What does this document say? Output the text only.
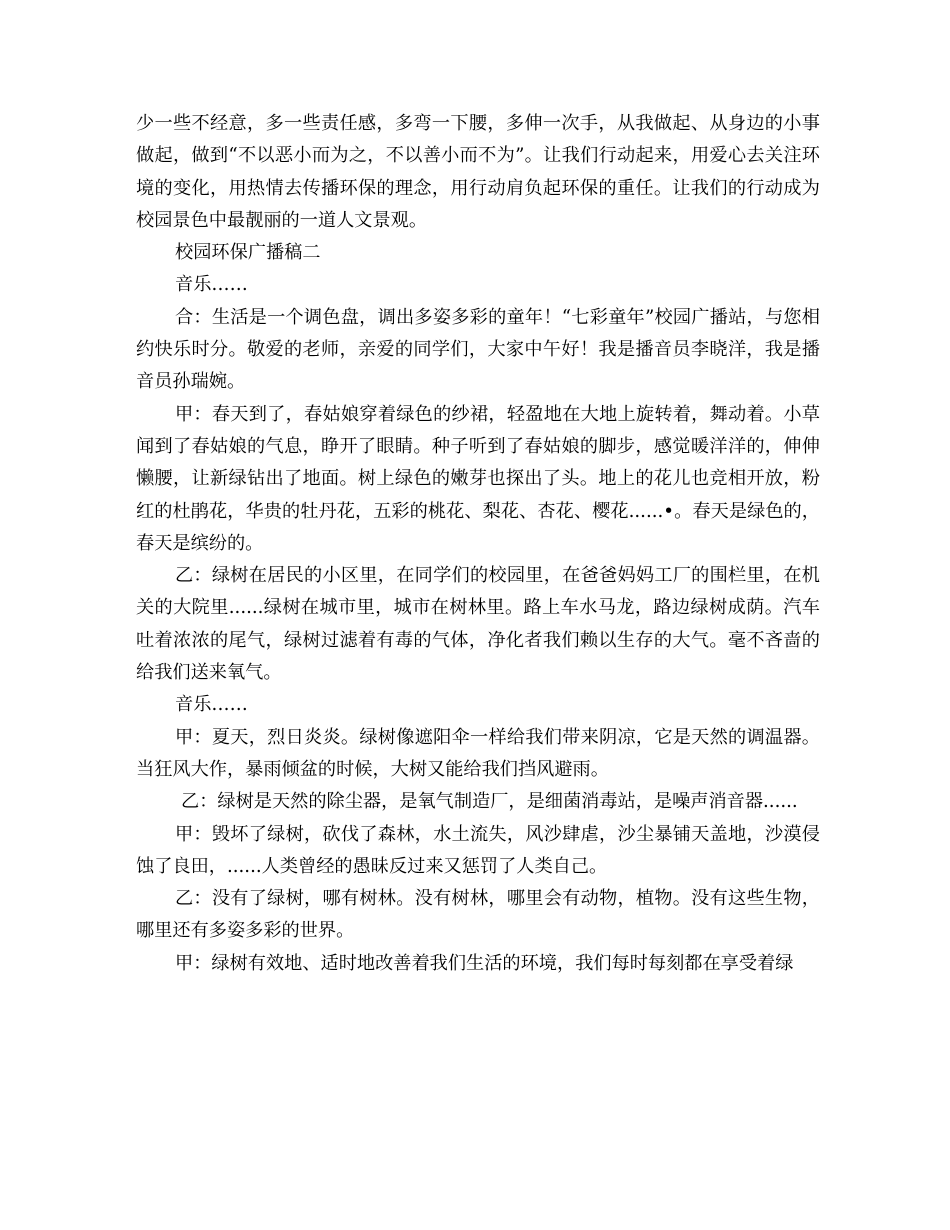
少一些不经意，多一些责任感，多弯一下腰，多伸一次手，从我做起、从身边的小事做起，做到“不以恶小而为之，不以善小而不为”。让我们行动起来，用爱心去关注环境的变化，用热情去传播环保的理念，用行动肩负起环保的重任。让我们的行动成为校园景色中最靓丽的一道人文景观。

校园环保广播稿二

音乐……

合：生活是一个调色盘，调出多姿多彩的童年！“七彩童年”校园广播站，与您相约快乐时分。敬爱的老师，亲爱的同学们，大家中午好！我是播音员李晓洋，我是播音员孙瑞婉。

甲：春天到了，春姑娘穿着绿色的纱裙，轻盈地在大地上旋转着，舞动着。小草闻到了春姑娘的气息，睁开了眼睛。种子听到了春姑娘的脚步，感觉暖洋洋的，伸伸懒腰，让新绿钻出了地面。树上绿色的嫩芽也探出了头。地上的花儿也竞相开放，粉红的杜鹃花，华贵的牡丹花，五彩的桃花、梨花、杏花、樱花......•。春天是绿色的，春天是缤纷的。

乙：绿树在居民的小区里，在同学们的校园里，在爸爸妈妈工厂的围栏里，在机关的大院里......绿树在城市里，城市在树林里。路上车水马龙，路边绿树成荫。汽车吐着浓浓的尾气，绿树过滤着有毒的气体，净化者我们赖以生存的大气。毫不吝啬的给我们送来氧气。

音乐……

甲：夏天，烈日炎炎。绿树像遮阳伞一样给我们带来阴凉，它是天然的调温器。当狂风大作，暴雨倾盆的时候，大树又能给我们挡风避雨。

乙：绿树是天然的除尘器，是氧气制造厂，是细菌消毒站，是噪声消音器......

甲：毁坏了绿树，砍伐了森林，水土流失，风沙肆虐，沙尘暴铺天盖地，沙漠侵蚀了良田，......人类曾经的愚昧反过来又惩罚了人类自己。

乙：没有了绿树，哪有树林。没有树林，哪里会有动物，植物。没有这些生物，哪里还有多姿多彩的世界。

甲：绿树有效地、适时地改善着我们生活的环境，我们每时每刻都在享受着绿
